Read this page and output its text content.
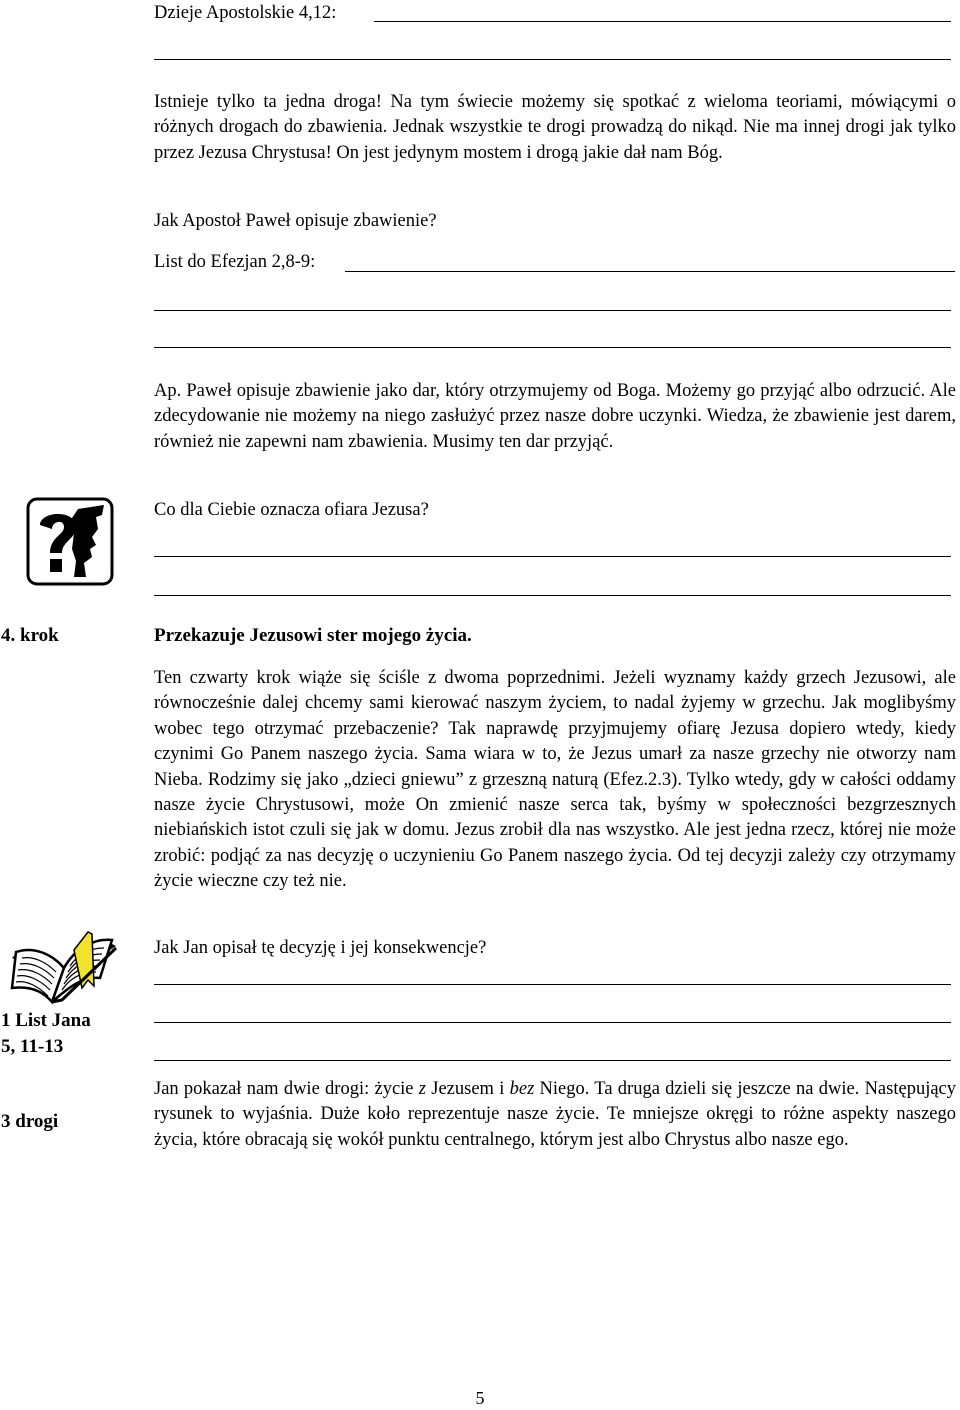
Dzieje Apostolskie 4,12:
Istnieje tylko ta jedna droga! Na tym świecie możemy się spotkać z wieloma teoriami, mówiącymi o różnych drogach do zbawienia. Jednak wszystkie te drogi prowadzą do nikąd. Nie ma innej drogi jak tylko przez Jezusa Chrystusa! On jest jedynym mostem i drogą jakie dał nam Bóg.
Jak Apostoł Paweł opisuje zbawienie?
List do Efezjan 2,8-9:
Ap. Paweł opisuje zbawienie jako dar, który otrzymujemy od Boga. Możemy go przyjąć albo odrzucić. Ale zdecydowanie nie możemy na niego zasłużyć przez nasze dobre uczynki. Wiedza, że zbawienie jest darem, również nie zapewni nam zbawienia. Musimy ten dar przyjąć.
Co dla Ciebie oznacza ofiara Jezusa?
4. krok	Przekazuje Jezusowi ster mojego życia.
Ten czwarty krok wiąże się ściśle z dwoma poprzednimi. Jeżeli wyznamy każdy grzech Jezusowi, ale równocześnie dalej chcemy sami kierować naszym życiem, to nadal żyjemy w grzechu. Jak moglibyśmy wobec tego otrzymać przebaczenie? Tak naprawdę przyjmujemy ofiarę Jezusa dopiero wtedy, kiedy czynimi Go Panem naszego życia. Sama wiara w to, że Jezus umarł za nasze grzechy nie otworzy nam Nieba. Rodzimy się jako „dzieci gniewu” z grzeszną naturą (Efez.2.3). Tylko wtedy, gdy w całości oddamy nasze życie Chrystusowi, może On zmienić nasze serca tak, byśmy w społeczności bezgrzesznych niebiańskich istot czuli się jak w domu. Jezus zrobił dla nas wszystko. Ale jest jedna rzecz, której nie może zrobić: podjąć za nas decyzję o uczynieniu Go Panem naszego życia. Od tej decyzji zależy czy otrzymamy życie wieczne czy też nie.
Jak Jan opisał tę decyzję i jej konsekwencje?
1 List Jana
5, 11-13
3 drogi
Jan pokazał nam dwie drogi: życie z Jezusem i bez Niego. Ta druga dzieli się jeszcze na dwie. Następujący rysunek to wyjaśnia. Duże koło reprezentuje nasze życie. Te mniejsze okręgi to różne aspekty naszego życia, które obracają się wokół punktu centralnego, którym jest albo Chrystus albo nasze ego.
5
